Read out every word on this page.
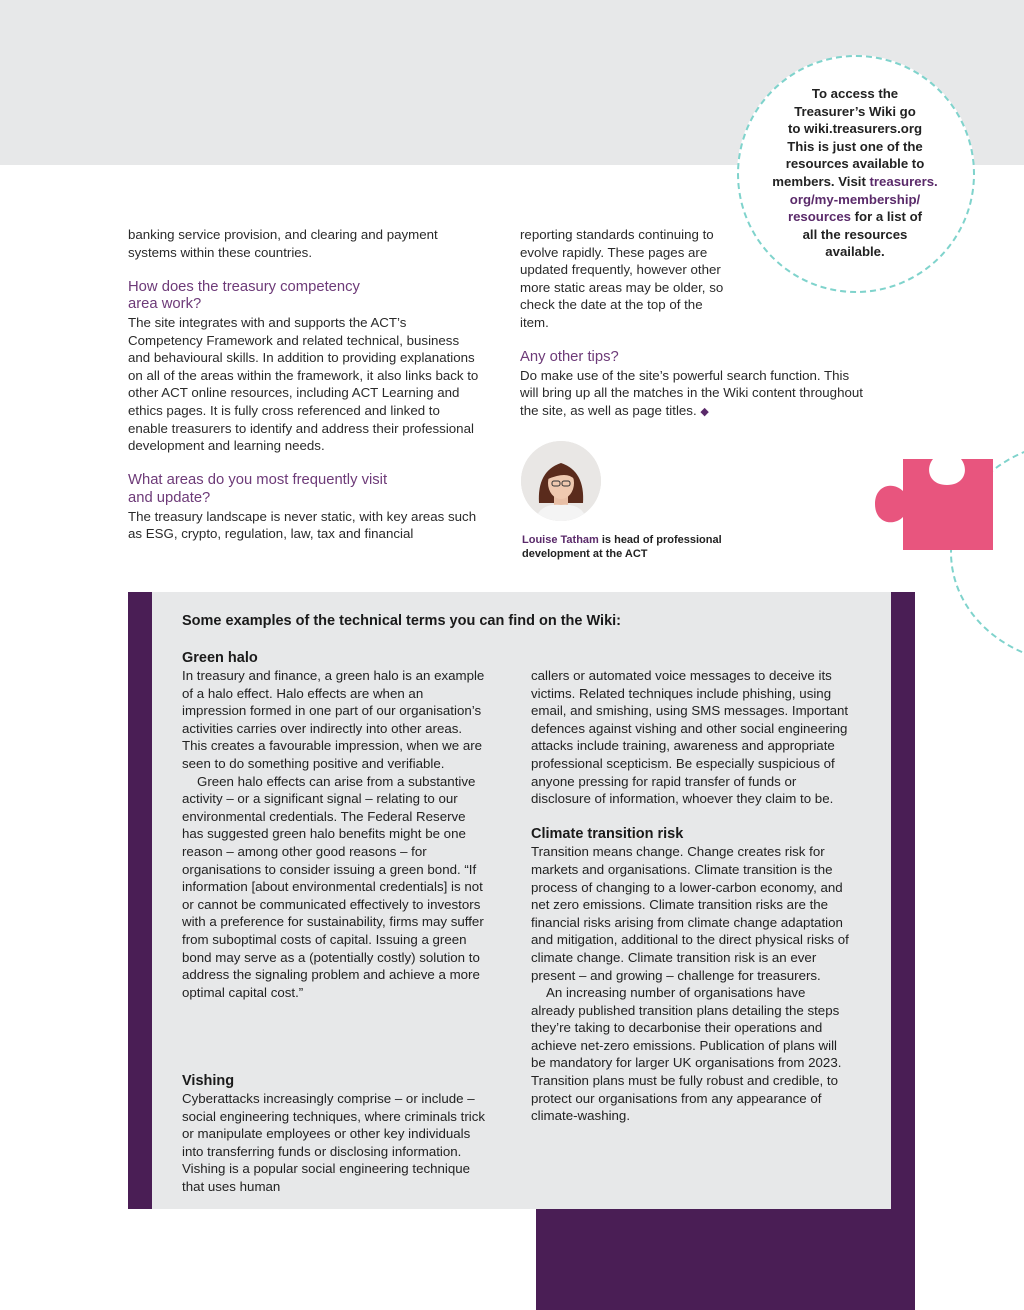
To access the
Treasurer’s Wiki go
to wiki.treasurers.org
This is just one of the
resources available to
members. Visit treasurers.
org/my-membership/
resources for a list of
all the resources
available.

banking service provision, and clearing and payment systems within these countries.

How does the treasury competency
area work?

The site integrates with and supports the ACT’s Competency Framework and related technical, business and behavioural skills. In addition to providing explanations on all of the areas within the framework, it also links back to other ACT online resources, including ACT Learning and ethics pages. It is fully cross referenced and linked to enable treasurers to identify and address their professional development and learning needs.

What areas do you most frequently visit
and update?

The treasury landscape is never static, with key areas such as ESG, crypto, regulation, law, tax and financial

reporting standards continuing to evolve rapidly. These pages are updated frequently, however other more static areas may be older, so check the date at the top of the item.

Any other tips?

Do make use of the site’s powerful search function. This will bring up all the matches in the Wiki content throughout the site, as well as page titles. ◆

Louise Tatham is head of professional
development at the ACT
Some examples of the technical terms you can find on the Wiki:

Green halo

In treasury and finance, a green halo is an example of a halo effect. Halo effects are when an impression formed in one part of our organisation’s activities carries over indirectly into other areas. This creates a favourable impression, when we are seen to do something positive and verifiable.

Green halo effects can arise from a substantive activity – or a significant signal – relating to our environmental credentials. The Federal Reserve has suggested green halo benefits might be one reason – among other good reasons – for organisations to consider issuing a green bond. “If information [about environmental credentials] is not or cannot be communicated effectively to investors with a preference for sustainability, firms may suffer from suboptimal costs of capital. Issuing a green bond may serve as a (potentially costly) solution to address the signaling problem and achieve a more optimal capital cost.”

Vishing

Cyberattacks increasingly comprise – or include – social engineering techniques, where criminals trick or manipulate employees or other key individuals into transferring funds or disclosing information. Vishing is a popular social engineering technique that uses human

callers or automated voice messages to deceive its victims. Related techniques include phishing, using email, and smishing, using SMS messages. Important defences against vishing and other social engineering attacks include training, awareness and appropriate professional scepticism. Be especially suspicious of anyone pressing for rapid transfer of funds or disclosure of information, whoever they claim to be.

Climate transition risk

Transition means change. Change creates risk for markets and organisations. Climate transition is the process of changing to a lower-carbon economy, and net zero emissions. Climate transition risks are the financial risks arising from climate change adaptation and mitigation, additional to the direct physical risks of climate change. Climate transition risk is an ever present – and growing – challenge for treasurers.

An increasing number of organisations have already published transition plans detailing the steps they’re taking to decarbonise their operations and achieve net-zero emissions. Publication of plans will be mandatory for larger UK organisations from 2023. Transition plans must be fully robust and credible, to protect our organisations from any appearance of climate-washing.
